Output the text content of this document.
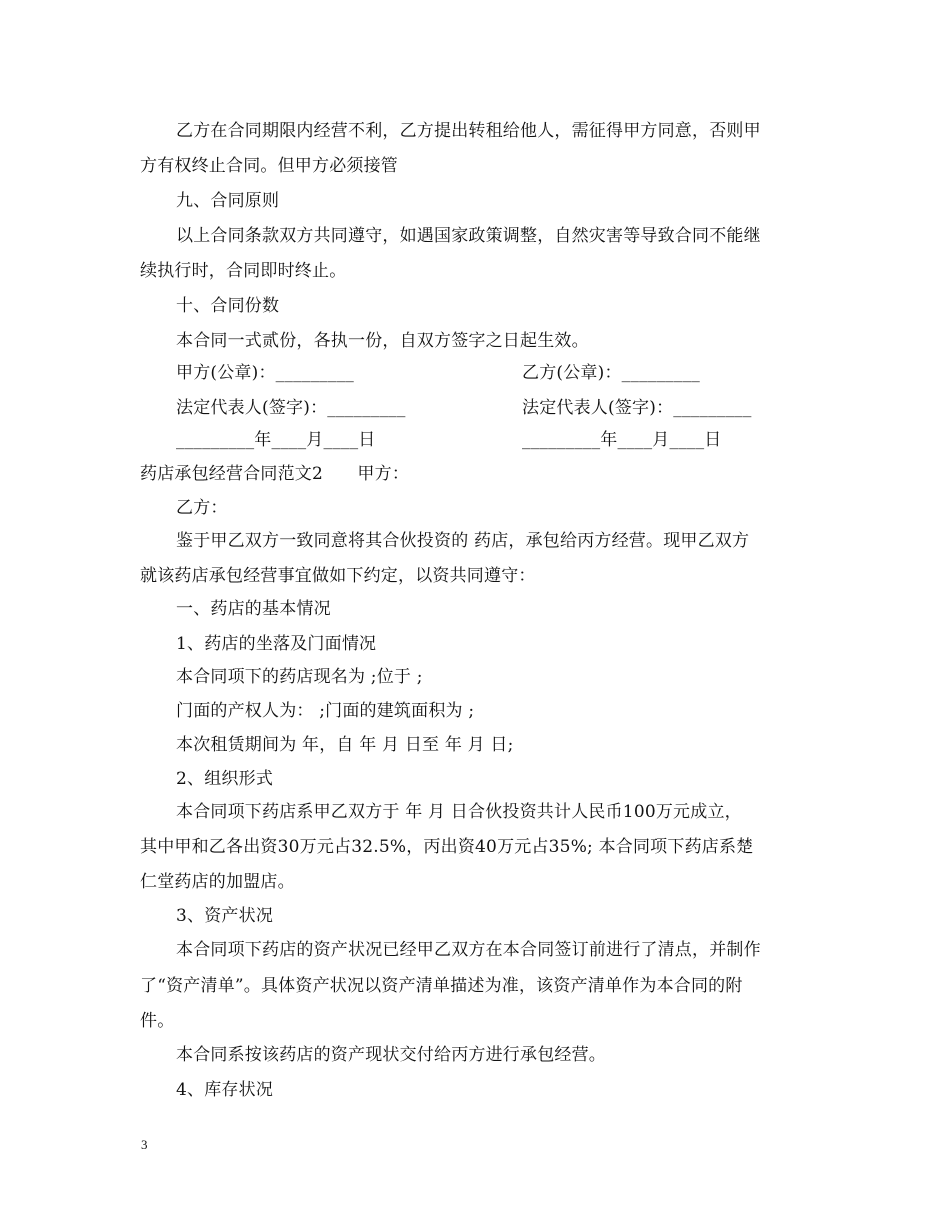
乙方在合同期限内经营不利，乙方提出转租给他人，需征得甲方同意，否则甲
方有权终止合同。但甲方必须接管
九、合同原则
以上合同条款双方共同遵守，如遇国家政策调整，自然灾害等导致合同不能继
续执行时，合同即时终止。
十、合同份数
本合同一式贰份，各执一份，自双方签字之日起生效。
甲方(公章)：_________	乙方(公章)：_________
法定代表人(签字)：_________	法定代表人(签字)：_________
_________年____月____日	_________年____月____日
药店承包经营合同范文2　　甲方：
乙方：
鉴于甲乙双方一致同意将其合伙投资的 药店，承包给丙方经营。现甲乙双方
就该药店承包经营事宜做如下约定，以资共同遵守：
一、药店的基本情况
1、药店的坐落及门面情况
本合同项下的药店现名为 ;位于 ;
门面的产权人为： ;门面的建筑面积为 ;
本次租赁期间为 年，自 年 月 日至 年 月 日;
2、组织形式
本合同项下药店系甲乙双方于 年 月 日合伙投资共计人民币100万元成立，
其中甲和乙各出资30万元占32.5%，丙出资40万元占35%; 本合同项下药店系楚
仁堂药店的加盟店。
3、资产状况
本合同项下药店的资产状况已经甲乙双方在本合同签订前进行了清点，并制作
了“资产清单”。具体资产状况以资产清单描述为准，该资产清单作为本合同的附
件。
本合同系按该药店的资产现状交付给丙方进行承包经营。
4、库存状况
3
